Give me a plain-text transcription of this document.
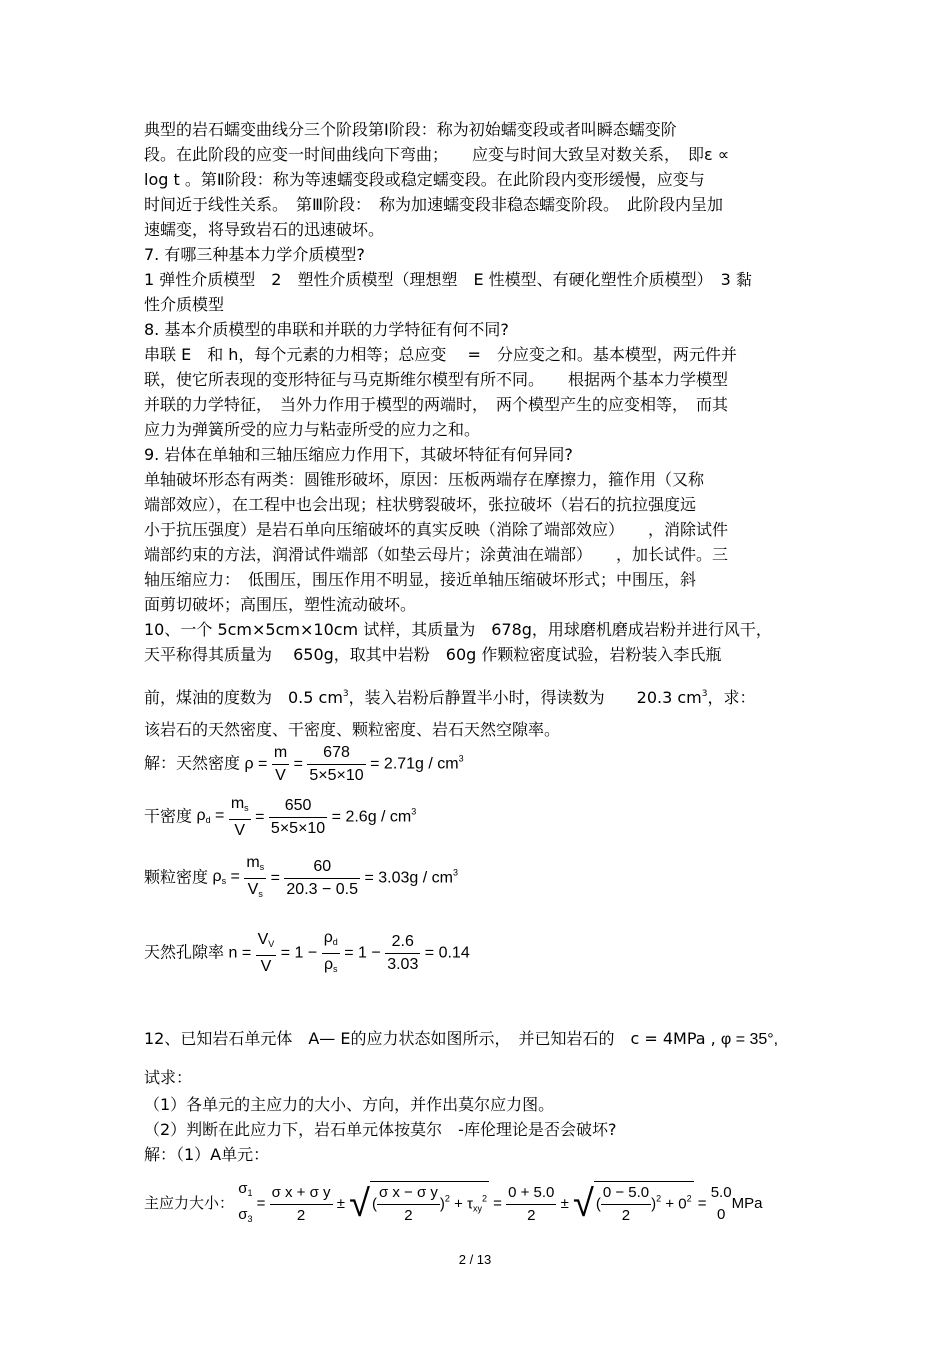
典型的岩石蠕变曲线分三个阶段第Ⅰ阶段：称为初始蠕变段或者叫瞬态蠕变阶
段。在此阶段的应变一时间曲线向下弯曲；　　应变与时间大致呈对数关系，　即ε ∝
log t 。第Ⅱ阶段：称为等速蠕变段或稳定蠕变段。在此阶段内变形缓慢，应变与
时间近于线性关系。　第Ⅲ阶段：　称为加速蠕变段非稳态蠕变阶段。　此阶段内呈加
速蠕变，将导致岩石的迅速破坏。
7. 有哪三种基本力学介质模型?
1 弹性介质模型　2　塑性介质模型（理想塑　E 性模型、有硬化塑性介质模型）　3 黏
性介质模型
8. 基本介质模型的串联和并联的力学特征有何不同?
串联 E　和 h，每个元素的力相等；总应变　 =　分应变之和。基本模型，两元件并
联，使它所表现的变形特征与马克斯维尔模型有所不同。　　根据两个基本力学模型
并联的力学特征，　当外力作用于模型的两端时，　两个模型产生的应变相等，　而其
应力为弹簧所受的应力与粘壶所受的应力之和。
9. 岩体在单轴和三轴压缩应力作用下，其破坏特征有何异同?
单轴破坏形态有两类：圆锥形破坏，原因：压板两端存在摩擦力，箍作用（又称
端部效应），在工程中也会出现；柱状劈裂破坏，张拉破坏（岩石的抗拉强度远
小于抗压强度）是岩石单向压缩破坏的真实反映（消除了端部效应）　　，消除试件
端部约束的方法，润滑试件端部（如垫云母片；涂黄油在端部）　　，加长试件。三
轴压缩应力：　低围压，围压作用不明显，接近单轴压缩破坏形式；中围压，斜
面剪切破坏；高围压，塑性流动破坏。
10、一个 5cm×5cm×10cm 试样，其质量为　678g，用球磨机磨成岩粉并进行风干，
天平称得其质量为　 650g，取其中岩粉　60g 作颗粒密度试验，岩粉装入李氏瓶
前，煤油的度数为　0.5 $cm^3$，装入岩粉后静置半小时，得读数为　　20.3 $cm^3$，求：
该岩石的天然密度、干密度、颗粒密度、岩石天然空隙率。
解：天然密度 $\rho = \frac{m}{V} = \frac{678}{5\times 5\times 10} = 2.71g / cm^3$
干密度 $\rho_d = \frac{m_s}{V} = \frac{650}{5\times 5\times 10} = 2.6g / cm^3$
颗粒密度 $\rho_s = \frac{m_s}{V_s} = \frac{60}{20.3 - 0.5} = 3.03g / cm^3$
天然孔隙率 $n = \frac{V_V}{V} = 1 - \frac{\rho_d}{\rho_s} = 1 - \frac{2.6}{3.03} = 0.14$
12、已知岩石单元体　A— E的应力状态如图所示，　并已知岩石的　c = 4MPa , φ = 35°,
试求：
（1）各单元的主应力的大小、方向，并作出莫尔应力图。
（2）判断在此应力下，岩石单元体按莫尔　-库伦理论是否会破坏?
解：（1）A单元：
主应力大小：
$\sigma_1$
$\sigma_3$
= $\frac{\text{σ x + σ y}}{2}$ ± √ ( $\frac{\text{σ x − σ y}}{2} )^2 + \tau_{xy}^2 = \frac{0 + 5.0}{2}$ ± √ ( $\frac{0 - 5.0}{2} )^2 + 0^2$ =
5.0
0
MPa
2 / 13
